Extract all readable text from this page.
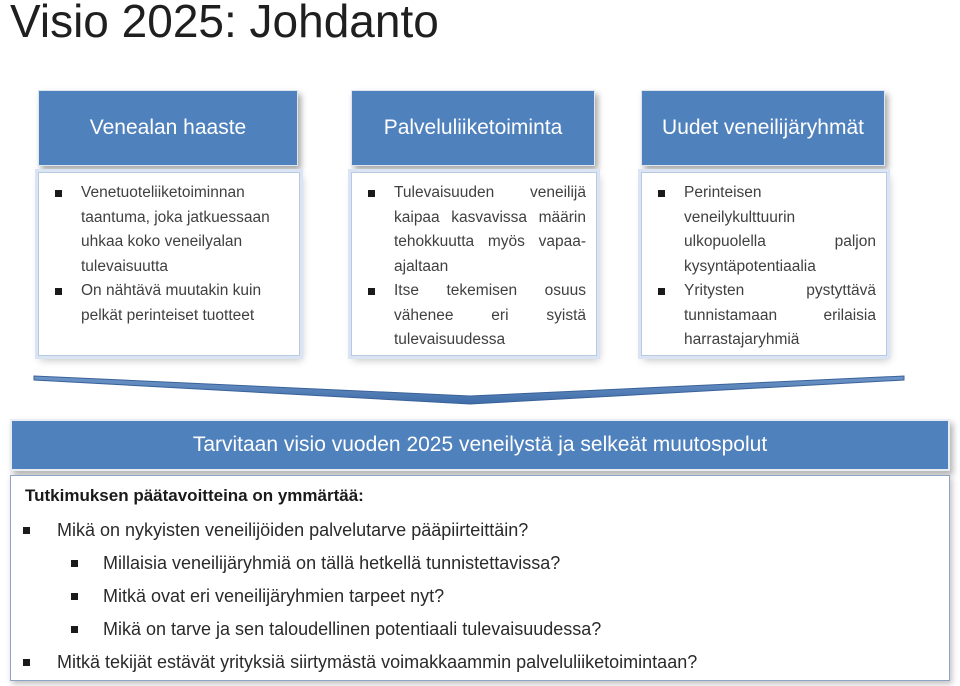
Visio 2025: Johdanto
Venealan haaste
Venetuoteliiketoiminnan taantuma, joka jatkuessaan uhkaa koko veneilyalan tulevaisuutta
On nähtävä muutakin kuin pelkät perinteiset tuotteet
Palveluliiketoiminta
Tulevaisuuden veneilijä kaipaa kasvavissa määrin tehokkuutta myös vapaa-ajaltaan
Itse tekemisen osuus vähenee eri syistä tulevaisuudessa
Uudet veneilijäryhmät
Perinteisen veneilykulttuurin ulkopuolella paljon kysyntäpotentiaalia
Yritysten pystyttävä tunnistamaan erilaisia harrastajaryhmiä
Tarvitaan visio vuoden 2025 veneilystä ja selkeät muutospolut
Tutkimuksen päätavoitteina on ymmärtää:
Mikä on nykyisten veneilijöiden palvelutarve pääpiirteittäin?
Millaisia veneilijäryhmiä on tällä hetkellä tunnistettavissa?
Mitkä ovat eri veneilijäryhmien tarpeet nyt?
Mikä on tarve ja sen taloudellinen potentiaali tulevaisuudessa?
Mitkä tekijät estävät yrityksiä siirtymästä voimakkaammin palveluliiketoimintaan?
